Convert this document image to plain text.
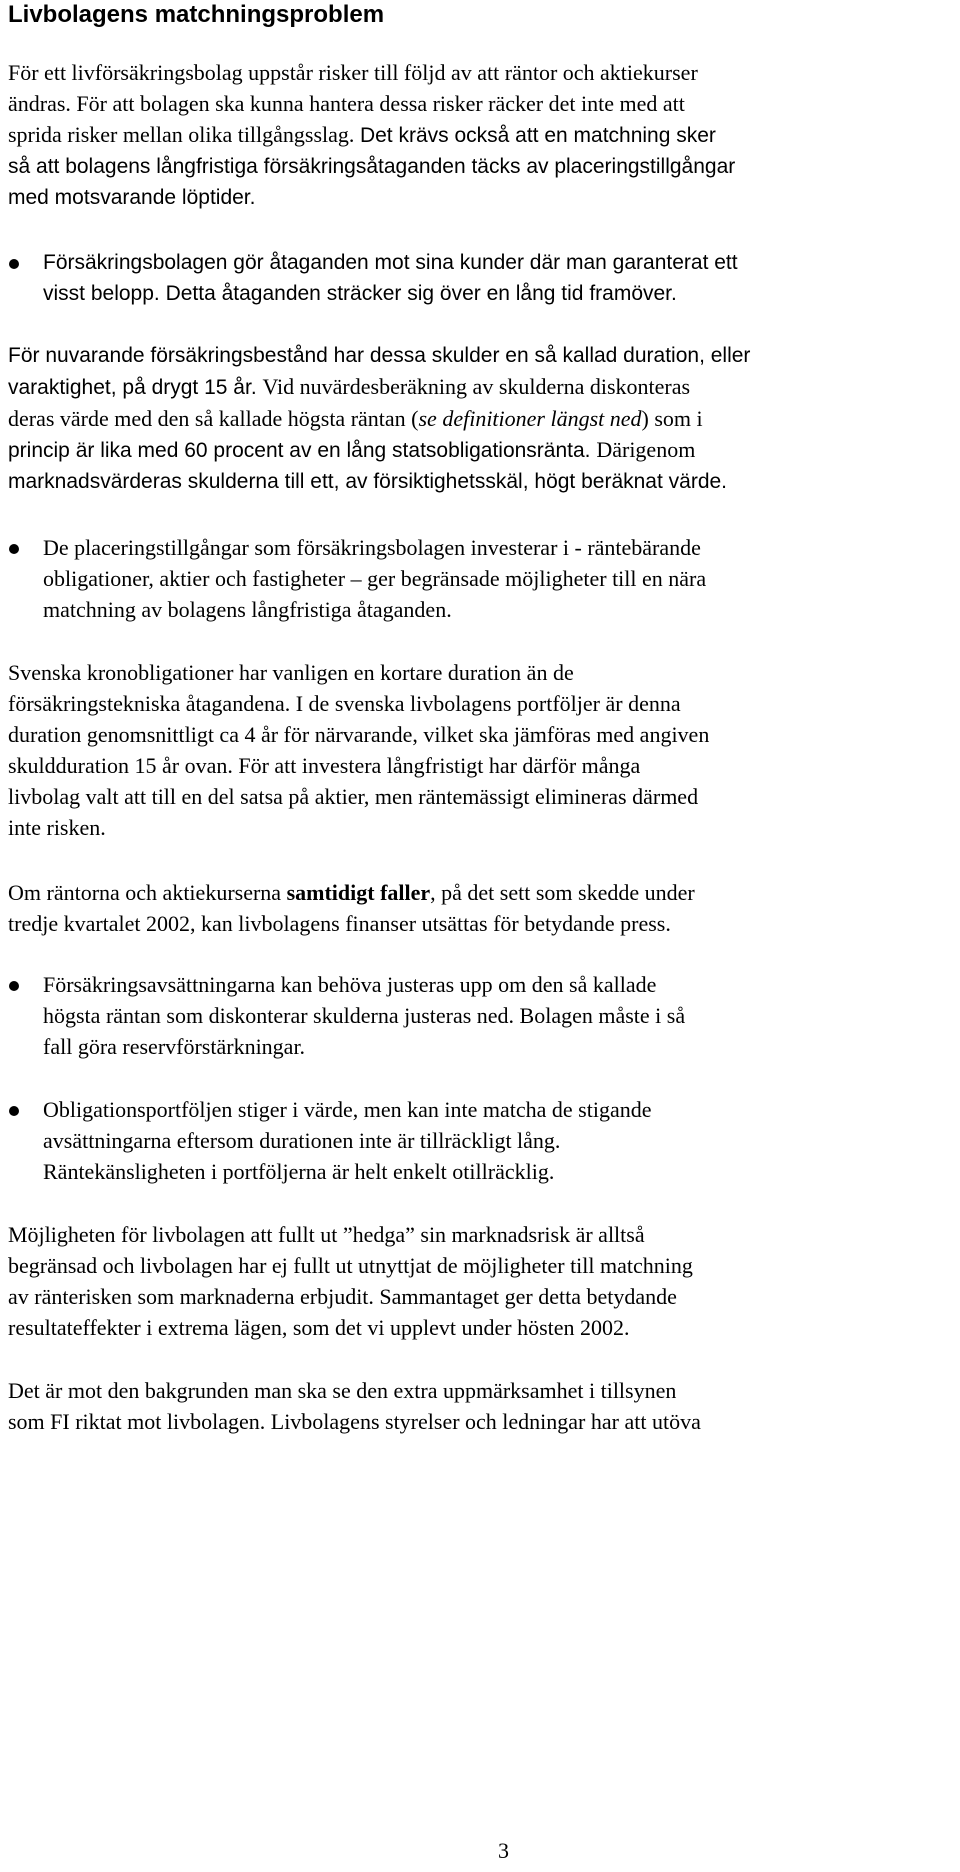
Livbolagens matchningsproblem

För ett livförsäkringsbolag uppstår risker till följd av att räntor och aktiekurser
ändras. För att bolagen ska kunna hantera dessa risker räcker det inte med att
sprida risker mellan olika tillgångsslag. Det krävs också att en matchning sker
så att bolagens långfristiga försäkringsåtaganden täcks av placeringstillgångar
med motsvarande löptider.

Försäkringsbolagen gör åtaganden mot sina kunder där man garanterat ett
visst belopp. Detta åtaganden sträcker sig över en lång tid framöver.

För nuvarande försäkringsbestånd har dessa skulder en så kallad duration, eller
varaktighet, på drygt 15 år. Vid nuvärdesberäkning av skulderna diskonteras
deras värde med den så kallade högsta räntan (se definitioner längst ned) som i
princip är lika med 60 procent av en lång statsobligationsränta. Därigenom
marknadsvärderas skulderna till ett, av försiktighetsskäl, högt beräknat värde.

De placeringstillgångar som försäkringsbolagen investerar i - räntebärande
obligationer, aktier och fastigheter – ger begränsade möjligheter till en nära
matchning av bolagens långfristiga åtaganden.

Svenska kronobligationer har vanligen en kortare duration än de
försäkringstekniska åtagandena. I de svenska livbolagens portföljer är denna
duration genomsnittligt ca 4 år för närvarande, vilket ska jämföras med angiven
skuldduration 15 år ovan. För att investera långfristigt har därför många
livbolag valt att till en del satsa på aktier, men räntemässigt elimineras därmed
inte risken.

Om räntorna och aktiekurserna samtidigt faller, på det sett som skedde under
tredje kvartalet 2002, kan livbolagens finanser utsättas för betydande press.

Försäkringsavsättningarna kan behöva justeras upp om den så kallade
högsta räntan som diskonterar skulderna justeras ned. Bolagen måste i så
fall göra reservförstärkningar.

Obligationsportföljen stiger i värde, men kan inte matcha de stigande
avsättningarna eftersom durationen inte är tillräckligt lång.
Räntekänsligheten i portföljerna är helt enkelt otillräcklig.

Möjligheten för livbolagen att fullt ut ”hedga” sin marknadsrisk är alltså
begränsad och livbolagen har ej fullt ut utnyttjat de möjligheter till matchning
av ränterisken som marknaderna erbjudit. Sammantaget ger detta betydande
resultateffekter i extrema lägen, som det vi upplevt under hösten 2002.

Det är mot den bakgrunden man ska se den extra uppmärksamhet i tillsynen
som FI riktat mot livbolagen. Livbolagens styrelser och ledningar har att utöva

3
